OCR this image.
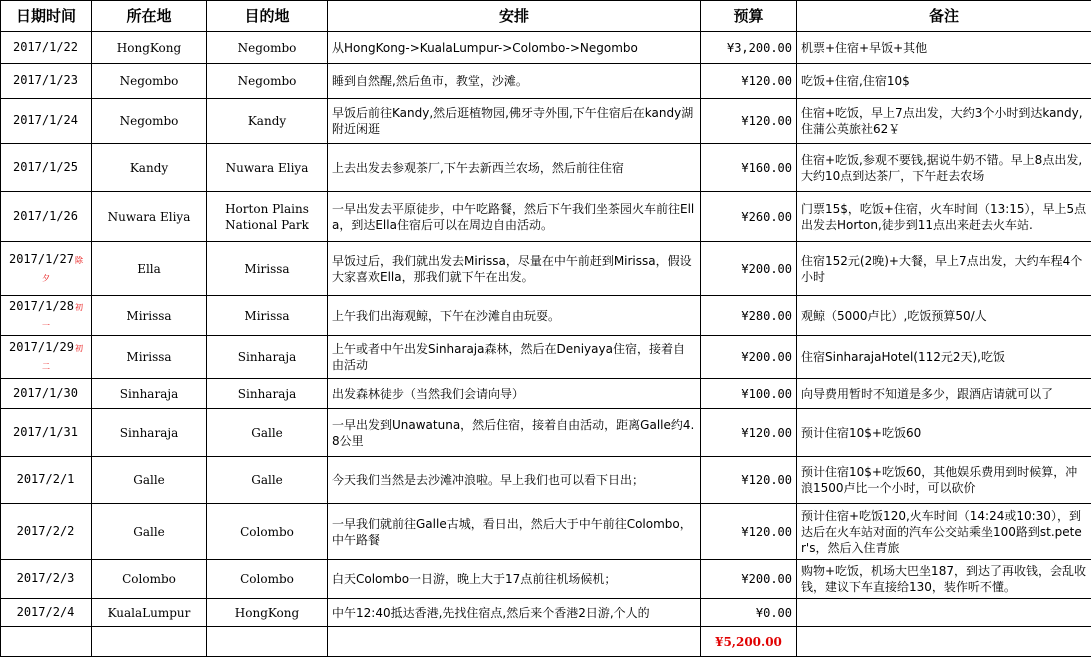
日期时间	所在地	目的地	安排	预算	备注
2017/1/22	HongKong	Negombo	从HongKong->KualaLumpur->Colombo->Negombo	¥3,200.00	机票+住宿+早饭+其他
2017/1/23	Negombo	Negombo	睡到自然醒,然后鱼市，教堂，沙滩。	¥120.00	吃饭+住宿,住宿10$
2017/1/24	Negombo	Kandy	早饭后前往Kandy,然后逛植物园,佛牙寺外围,下午住宿后在kandy湖附近闲逛	¥120.00	住宿+吃饭，早上7点出发，大约3个小时到达kandy,住蒲公英旅社62￥
2017/1/25	Kandy	Nuwara Eliya	上去出发去参观茶厂,下午去新西兰农场，然后前往住宿	¥160.00	住宿+吃饭,参观不要钱,据说牛奶不错。早上8点出发,大约10点到达茶厂，下午赶去农场
2017/1/26	Nuwara Eliya	Horton Plains National Park	一早出发去平原徒步，中午吃路餐，然后下午我们坐茶园火车前往Ella，到达Ella住宿后可以在周边自由活动。	¥260.00	门票15$，吃饭+住宿，火车时间（13:15），早上5点出发去Horton,徒步到11点出来赶去火车站.
2017/1/27除夕	Ella	Mirissa	早饭过后，我们就出发去Mirissa，尽量在中午前赶到Mirissa，假设大家喜欢Ella，那我们就下午在出发。	¥200.00	住宿152元(2晚)+大餐，早上7点出发，大约车程4个小时
2017/1/28初一	Mirissa	Mirissa	上午我们出海观鲸，下午在沙滩自由玩耍。	¥280.00	观鲸（5000卢比）,吃饭预算50/人
2017/1/29初二	Mirissa	Sinharaja	上午或者中午出发Sinharaja森林，然后在Deniyaya住宿，接着自由活动	¥200.00	住宿SinharajaHotel(112元2天),吃饭
2017/1/30	Sinharaja	Sinharaja	出发森林徒步（当然我们会请向导）	¥100.00	向导费用暂时不知道是多少，跟酒店请就可以了
2017/1/31	Sinharaja	Galle	一早出发到Unawatuna，然后住宿，接着自由活动，距离Galle约4.8公里	¥120.00	预计住宿10$+吃饭60
2017/2/1	Galle	Galle	今天我们当然是去沙滩冲浪啦。早上我们也可以看下日出；	¥120.00	预计住宿10$+吃饭60，其他娱乐费用到时候算，冲浪1500卢比一个小时，可以砍价
2017/2/2	Galle	Colombo	一早我们就前往Galle古城，看日出，然后大于中午前往Colombo，中午路餐	¥120.00	预计住宿+吃饭120,火车时间（14:24或10:30），到达后在火车站对面的汽车公交站乘坐100路到st.peter's，然后入住青旅
2017/2/3	Colombo	Colombo	白天Colombo一日游，晚上大于17点前往机场候机；	¥200.00	购物+吃饭，机场大巴坐187，到达了再收钱，会乱收钱，建议下车直接给130，装作听不懂。
2017/2/4	KualaLumpur	HongKong	中午12:40抵达香港,先找住宿点,然后来个香港2日游,个人的	¥0.00	
				¥5,200.00	
